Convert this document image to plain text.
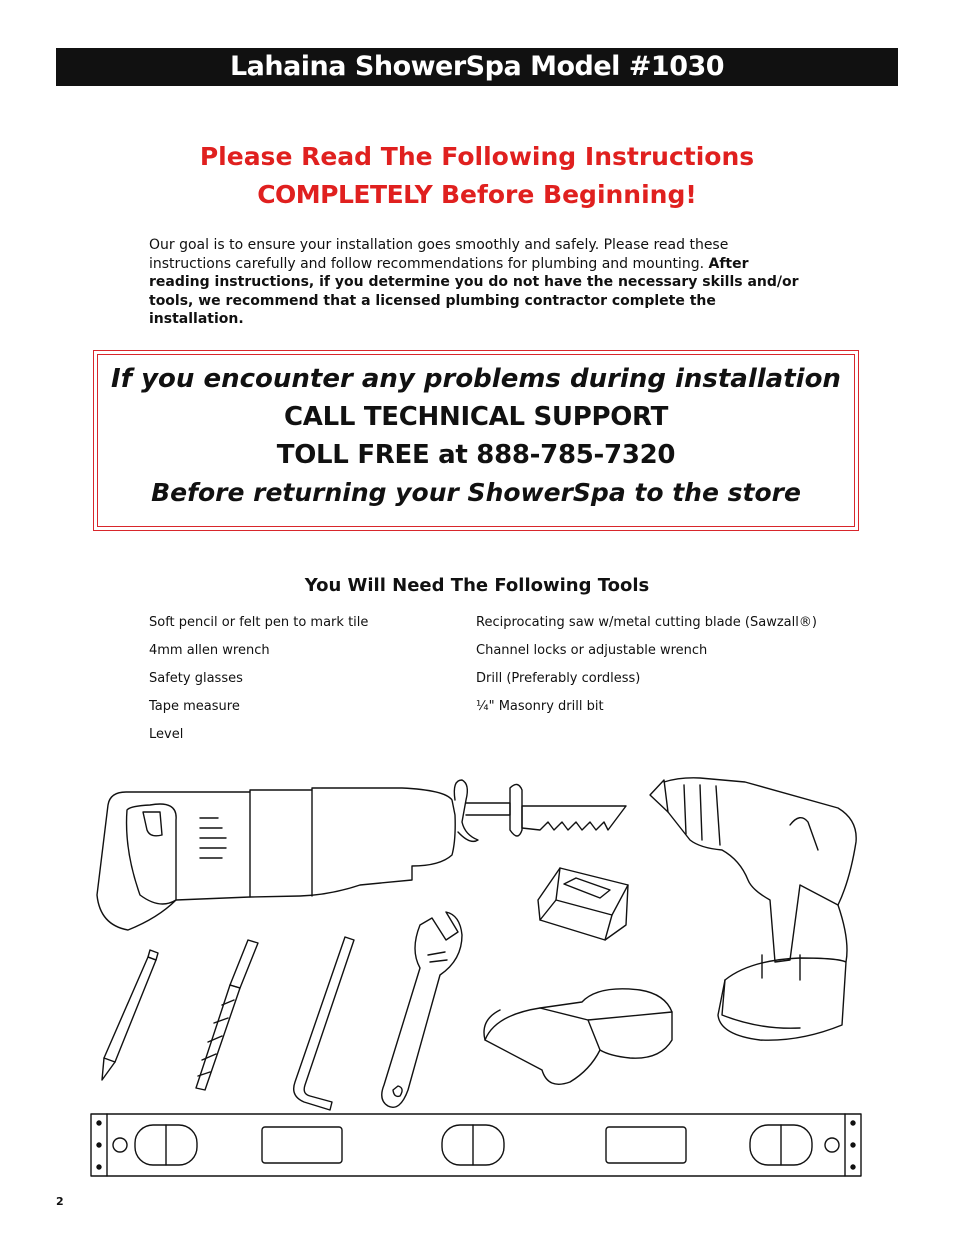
Lahaina ShowerSpa Model #1030
Please Read The Following Instructions
COMPLETELY Before Beginning!
Our goal is to ensure your installation goes smoothly and safely. Please read these instructions carefully and follow recommendations for plumbing and mounting. After reading instructions, if you determine you do not have the necessary skills and/or tools, we recommend that a licensed plumbing contractor complete the installation.
If you encounter any problems during installation
CALL TECHNICAL SUPPORT
TOLL FREE at 888-785-7320
Before returning your ShowerSpa to the store
You Will Need The Following Tools
Soft pencil or felt pen to mark tile
4mm allen wrench
Safety glasses
Tape measure
Level
Reciprocating saw w/metal cutting blade (Sawzall®)
Channel locks or adjustable wrench
Drill (Preferably cordless)
¼" Masonry drill bit
2
